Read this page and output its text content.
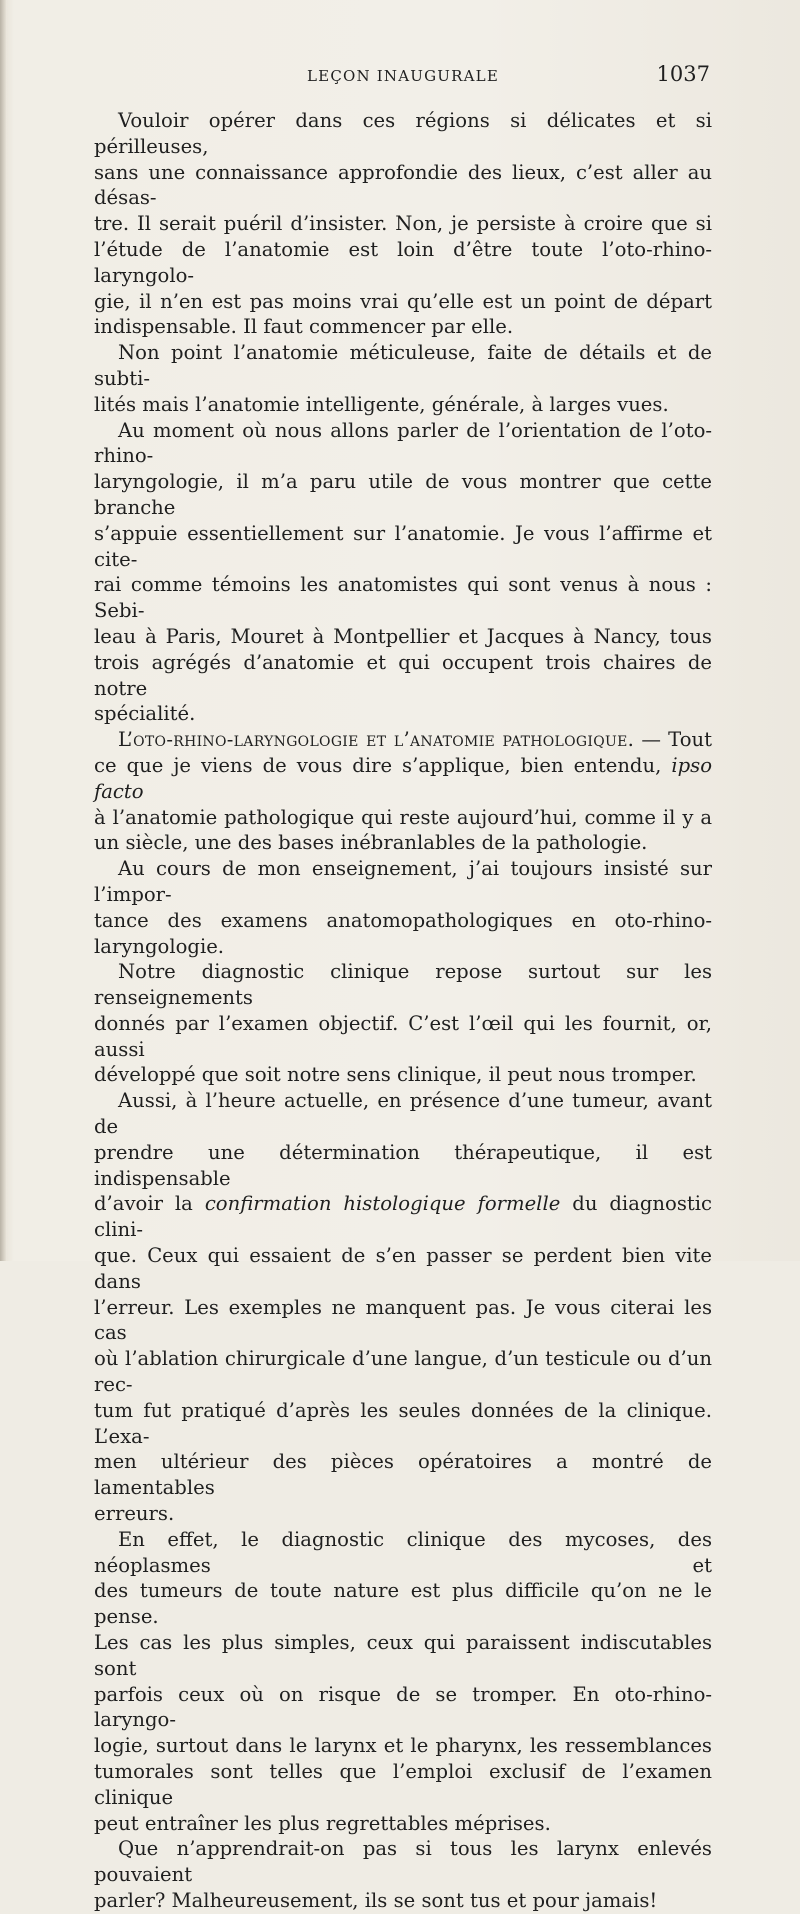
LEÇON INAUGURALE	1037

Vouloir opérer dans ces régions si délicates et si périlleuses,
sans une connaissance approfondie des lieux, c’est aller au désas-
tre. Il serait puéril d’insister. Non, je persiste à croire que si
l’étude de l’anatomie est loin d’être toute l’oto-rhino-laryngolo-
gie, il n’en est pas moins vrai qu’elle est un point de départ
indispensable. Il faut commencer par elle.

Non point l’anatomie méticuleuse, faite de détails et de subti-
lités mais l’anatomie intelligente, générale, à larges vues.

Au moment où nous allons parler de l’orientation de l’oto-rhino-
laryngologie, il m’a paru utile de vous montrer que cette branche
s’appuie essentiellement sur l’anatomie. Je vous l’affirme et cite-
rai comme témoins les anatomistes qui sont venus à nous : Sebi-
leau à Paris, Mouret à Montpellier et Jacques à Nancy, tous
trois agrégés d’anatomie et qui occupent trois chaires de notre
spécialité.

L’oto-rhino-laryngologie et l’anatomie pathologique. — Tout
ce que je viens de vous dire s’applique, bien entendu, ipso facto
à l’anatomie pathologique qui reste aujourd’hui, comme il y a
un siècle, une des bases inébranlables de la pathologie.

Au cours de mon enseignement, j’ai toujours insisté sur l’impor-
tance des examens anatomopathologiques en oto-rhino-laryngologie.

Notre diagnostic clinique repose surtout sur les renseignements
donnés par l’examen objectif. C’est l’œil qui les fournit, or, aussi
développé que soit notre sens clinique, il peut nous tromper.

Aussi, à l’heure actuelle, en présence d’une tumeur, avant de
prendre une détermination thérapeutique, il est indispensable
d’avoir la confirmation histologique formelle du diagnostic clini-
que. Ceux qui essaient de s’en passer se perdent bien vite dans
l’erreur. Les exemples ne manquent pas. Je vous citerai les cas
où l’ablation chirurgicale d’une langue, d’un testicule ou d’un rec-
tum fut pratiqué d’après les seules données de la clinique. L’exa-
men ultérieur des pièces opératoires a montré de lamentables
erreurs.

En effet, le diagnostic clinique des mycoses, des néoplasmes et
des tumeurs de toute nature est plus difficile qu’on ne le pense.
Les cas les plus simples, ceux qui paraissent indiscutables sont
parfois ceux où on risque de se tromper. En oto-rhino-laryngo-
logie, surtout dans le larynx et le pharynx, les ressemblances
tumorales sont telles que l’emploi exclusif de l’examen clinique
peut entraîner les plus regrettables méprises.

Que n’apprendrait-on pas si tous les larynx enlevés pouvaient
parler? Malheureusement, ils se sont tus et pour jamais!
